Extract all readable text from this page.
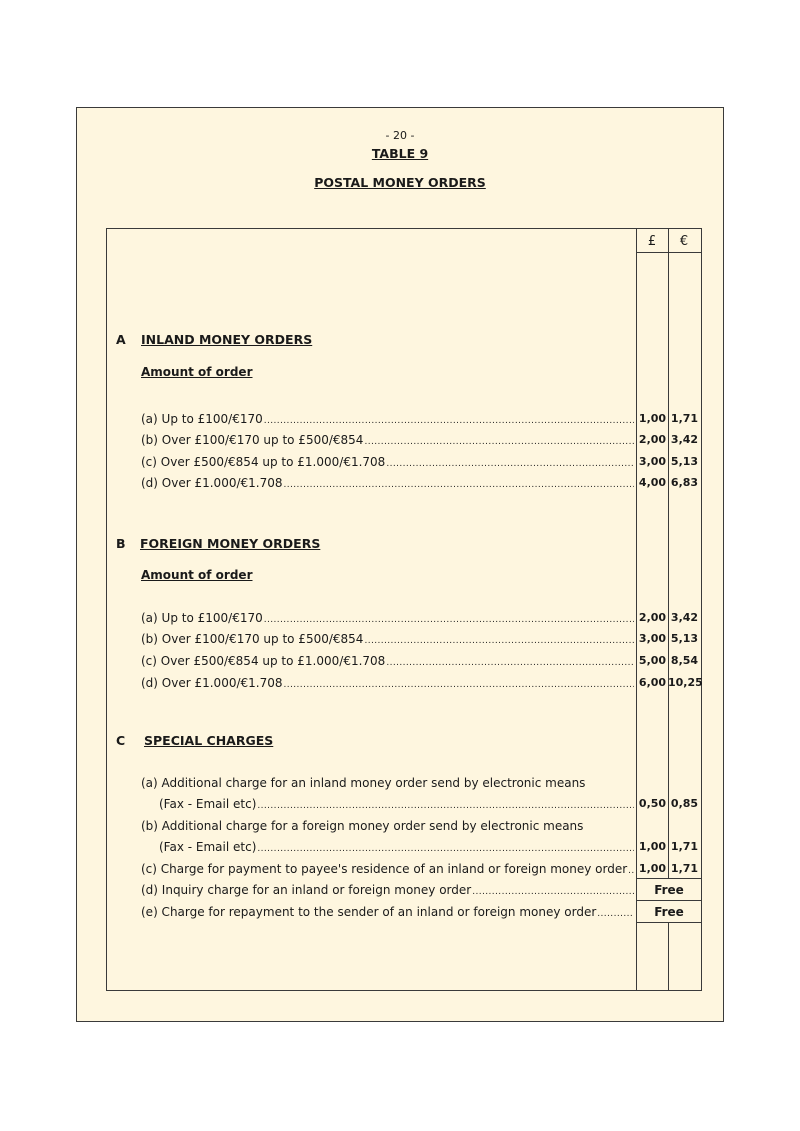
- 20 -
TABLE 9
POSTAL MONEY ORDERS
£	€
A INLAND MONEY ORDERS
Amount of order
(a) Up to £100/€170 .....	1,00 1,71
(b) Over £100/€170 up to £500/€854 .....	2,00 3,42
(c) Over £500/€854 up to £1.000/€1.708 .....	3,00 5,13
(d) Over £1.000/€1.708 .....	4,00 6,83
B FOREIGN MONEY ORDERS
Amount of order
(a) Up to £100/€170 .....	2,00 3,42
(b) Over £100/€170 up to £500/€854 .....	3,00 5,13
(c) Over £500/€854 up to £1.000/€1.708 .....	5,00 8,54
(d) Over £1.000/€1.708 .....	6,00 10,25
C SPECIAL CHARGES
(a) Additional charge for an inland money order send by electronic means
(Fax - Email etc) .....	0,50 0,85
(b) Additional charge for a foreign money order send by electronic means
(Fax - Email etc) .....	1,00 1,71
(c) Charge for payment to payee's residence of an inland or foreign money order .....	1,00 1,71
(d) Inquiry charge for an inland or foreign money order .....	Free
(e) Charge for repayment to the sender of an inland or foreign money order .....	Free
